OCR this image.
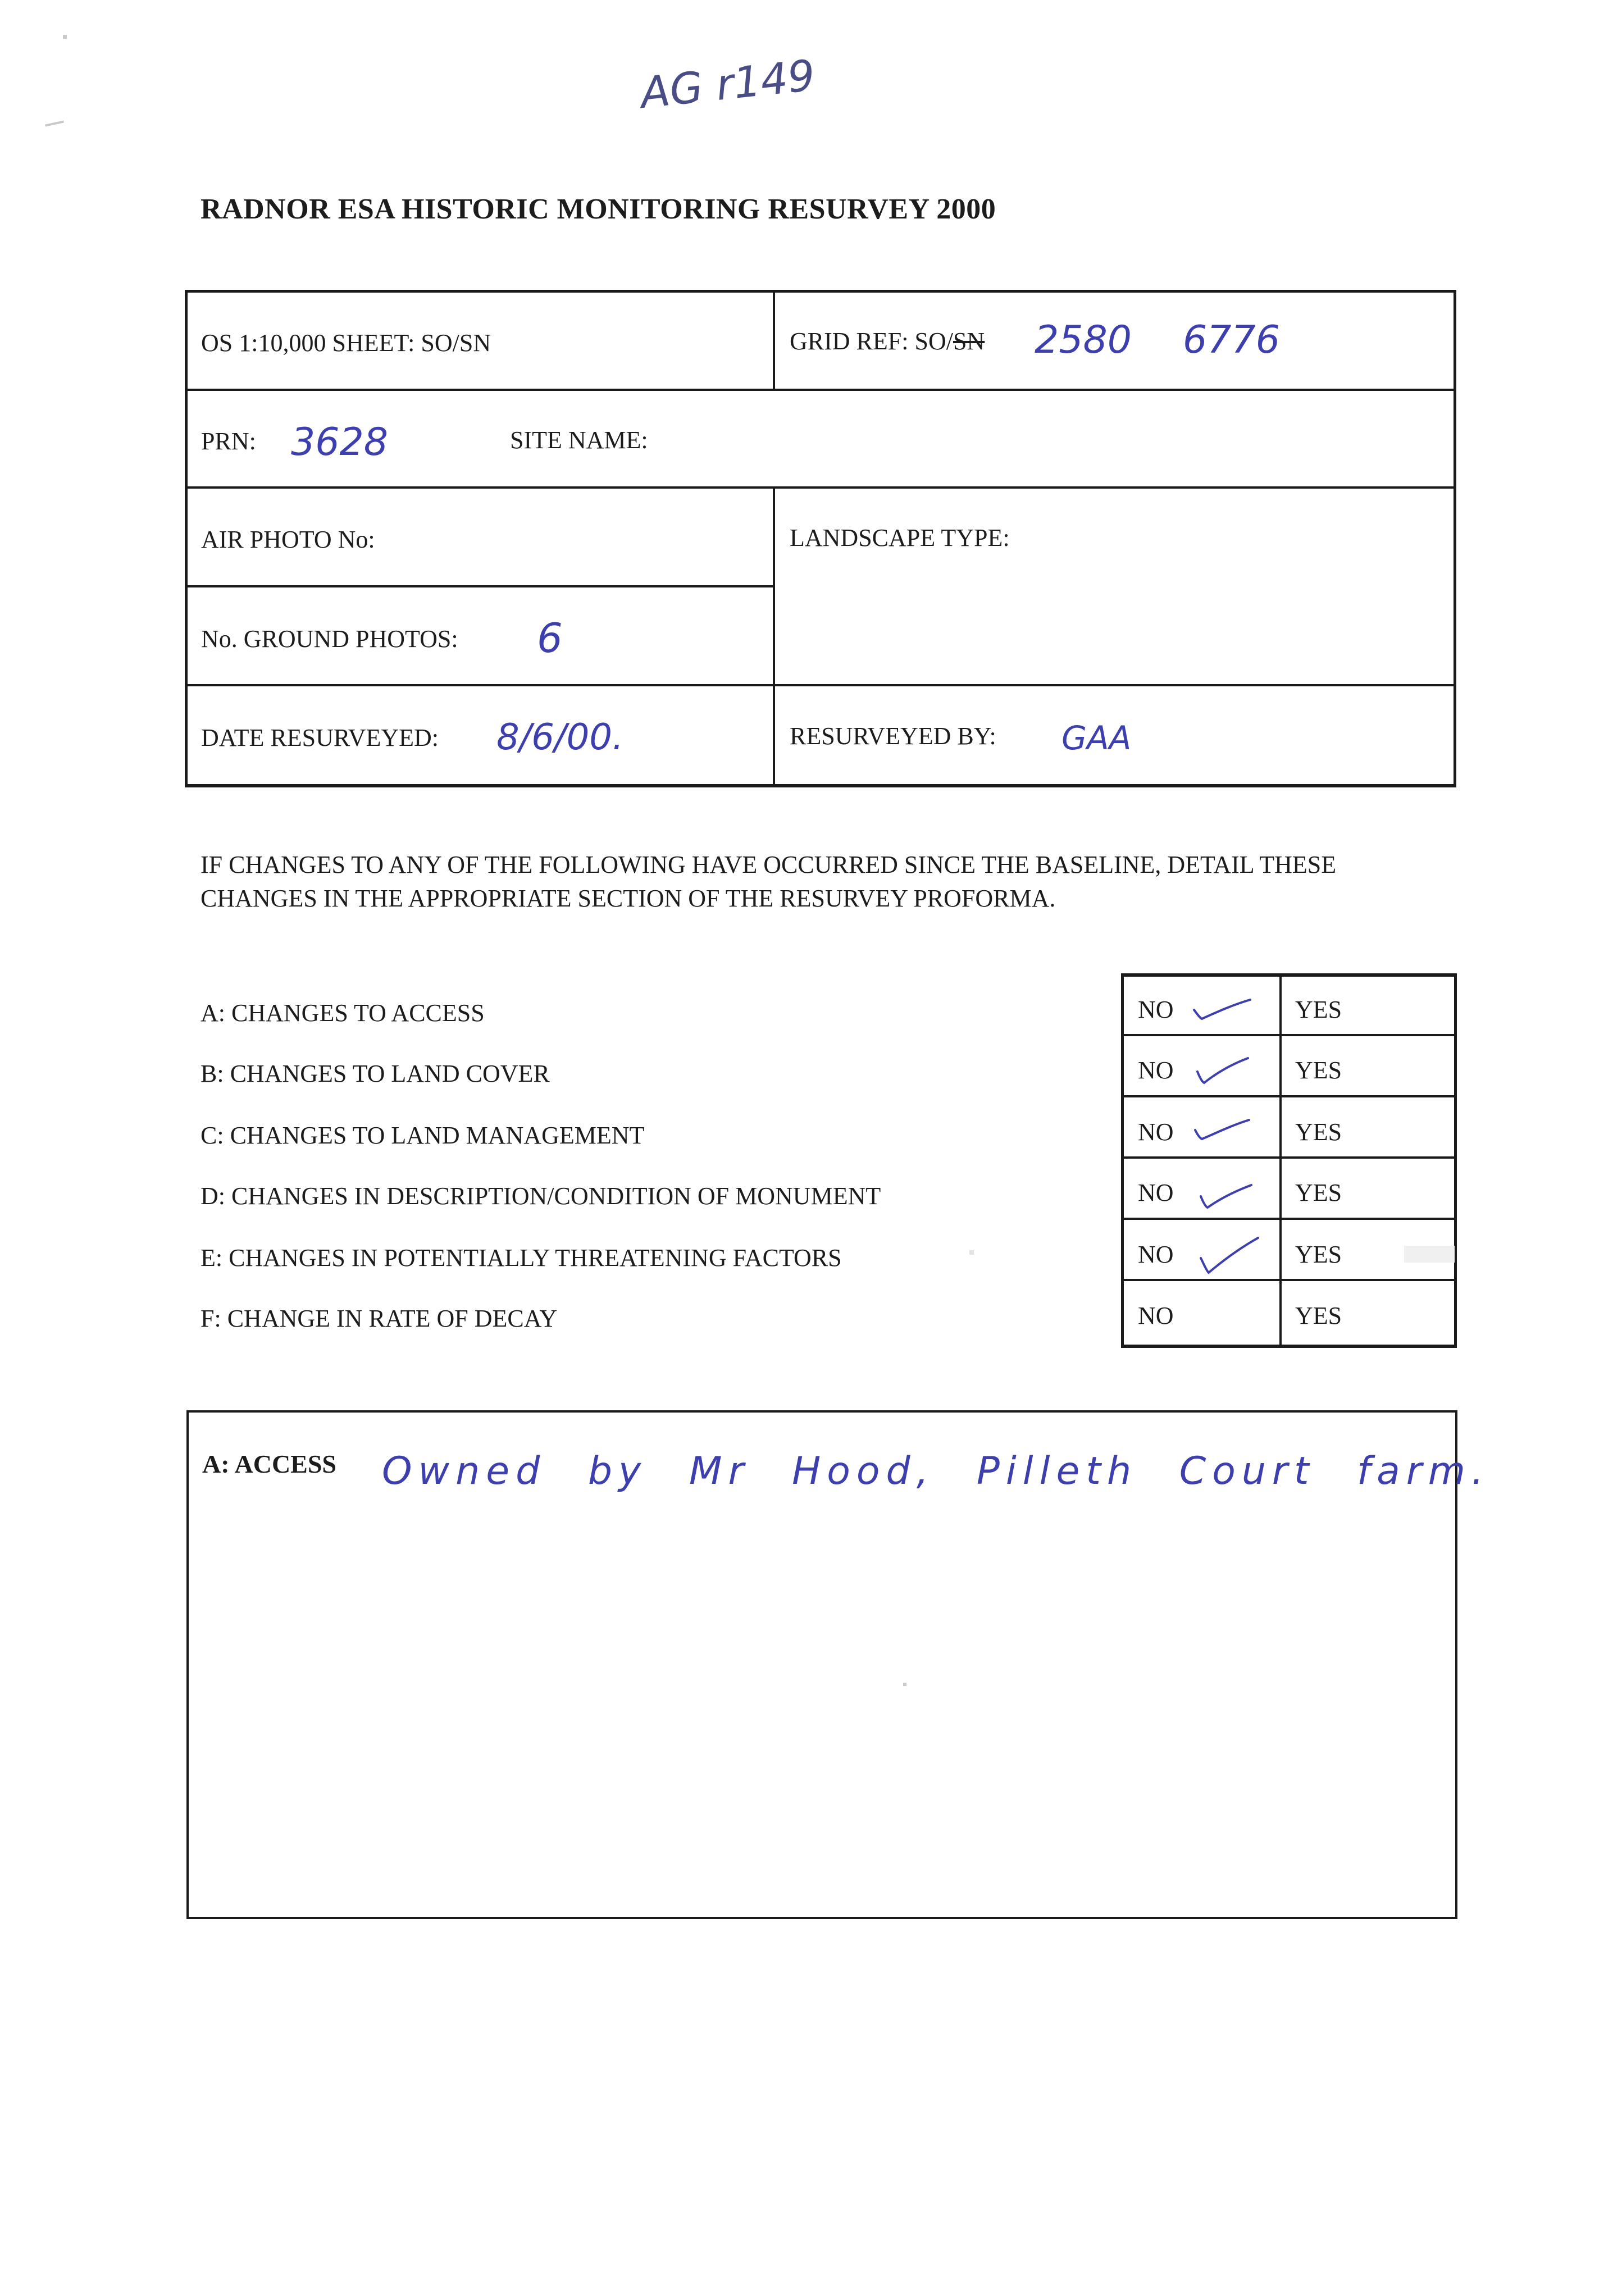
AG r149
RADNOR ESA HISTORIC MONITORING RESURVEY 2000
OS 1:10,000 SHEET: SO/SN	GRID REF: SO/SN 2580 6776
PRN: 3628	SITE NAME:
AIR PHOTO No:	LANDSCAPE TYPE:
No. GROUND PHOTOS: 6
DATE RESURVEYED: 8/6/00.	RESURVEYED BY: GAA
IF CHANGES TO ANY OF THE FOLLOWING HAVE OCCURRED SINCE THE BASELINE, DETAIL THESE CHANGES IN THE APPROPRIATE SECTION OF THE RESURVEY PROFORMA.
A: CHANGES TO ACCESS
B: CHANGES TO LAND COVER
C: CHANGES TO LAND MANAGEMENT
D: CHANGES IN DESCRIPTION/CONDITION OF MONUMENT
E: CHANGES IN POTENTIALLY THREATENING FACTORS
F: CHANGE IN RATE OF DECAY
NO	YES
NO	YES
NO	YES
NO	YES
NO	YES
NO	YES
A: ACCESS Owned by Mr Hood, Pilleth Court farm.
